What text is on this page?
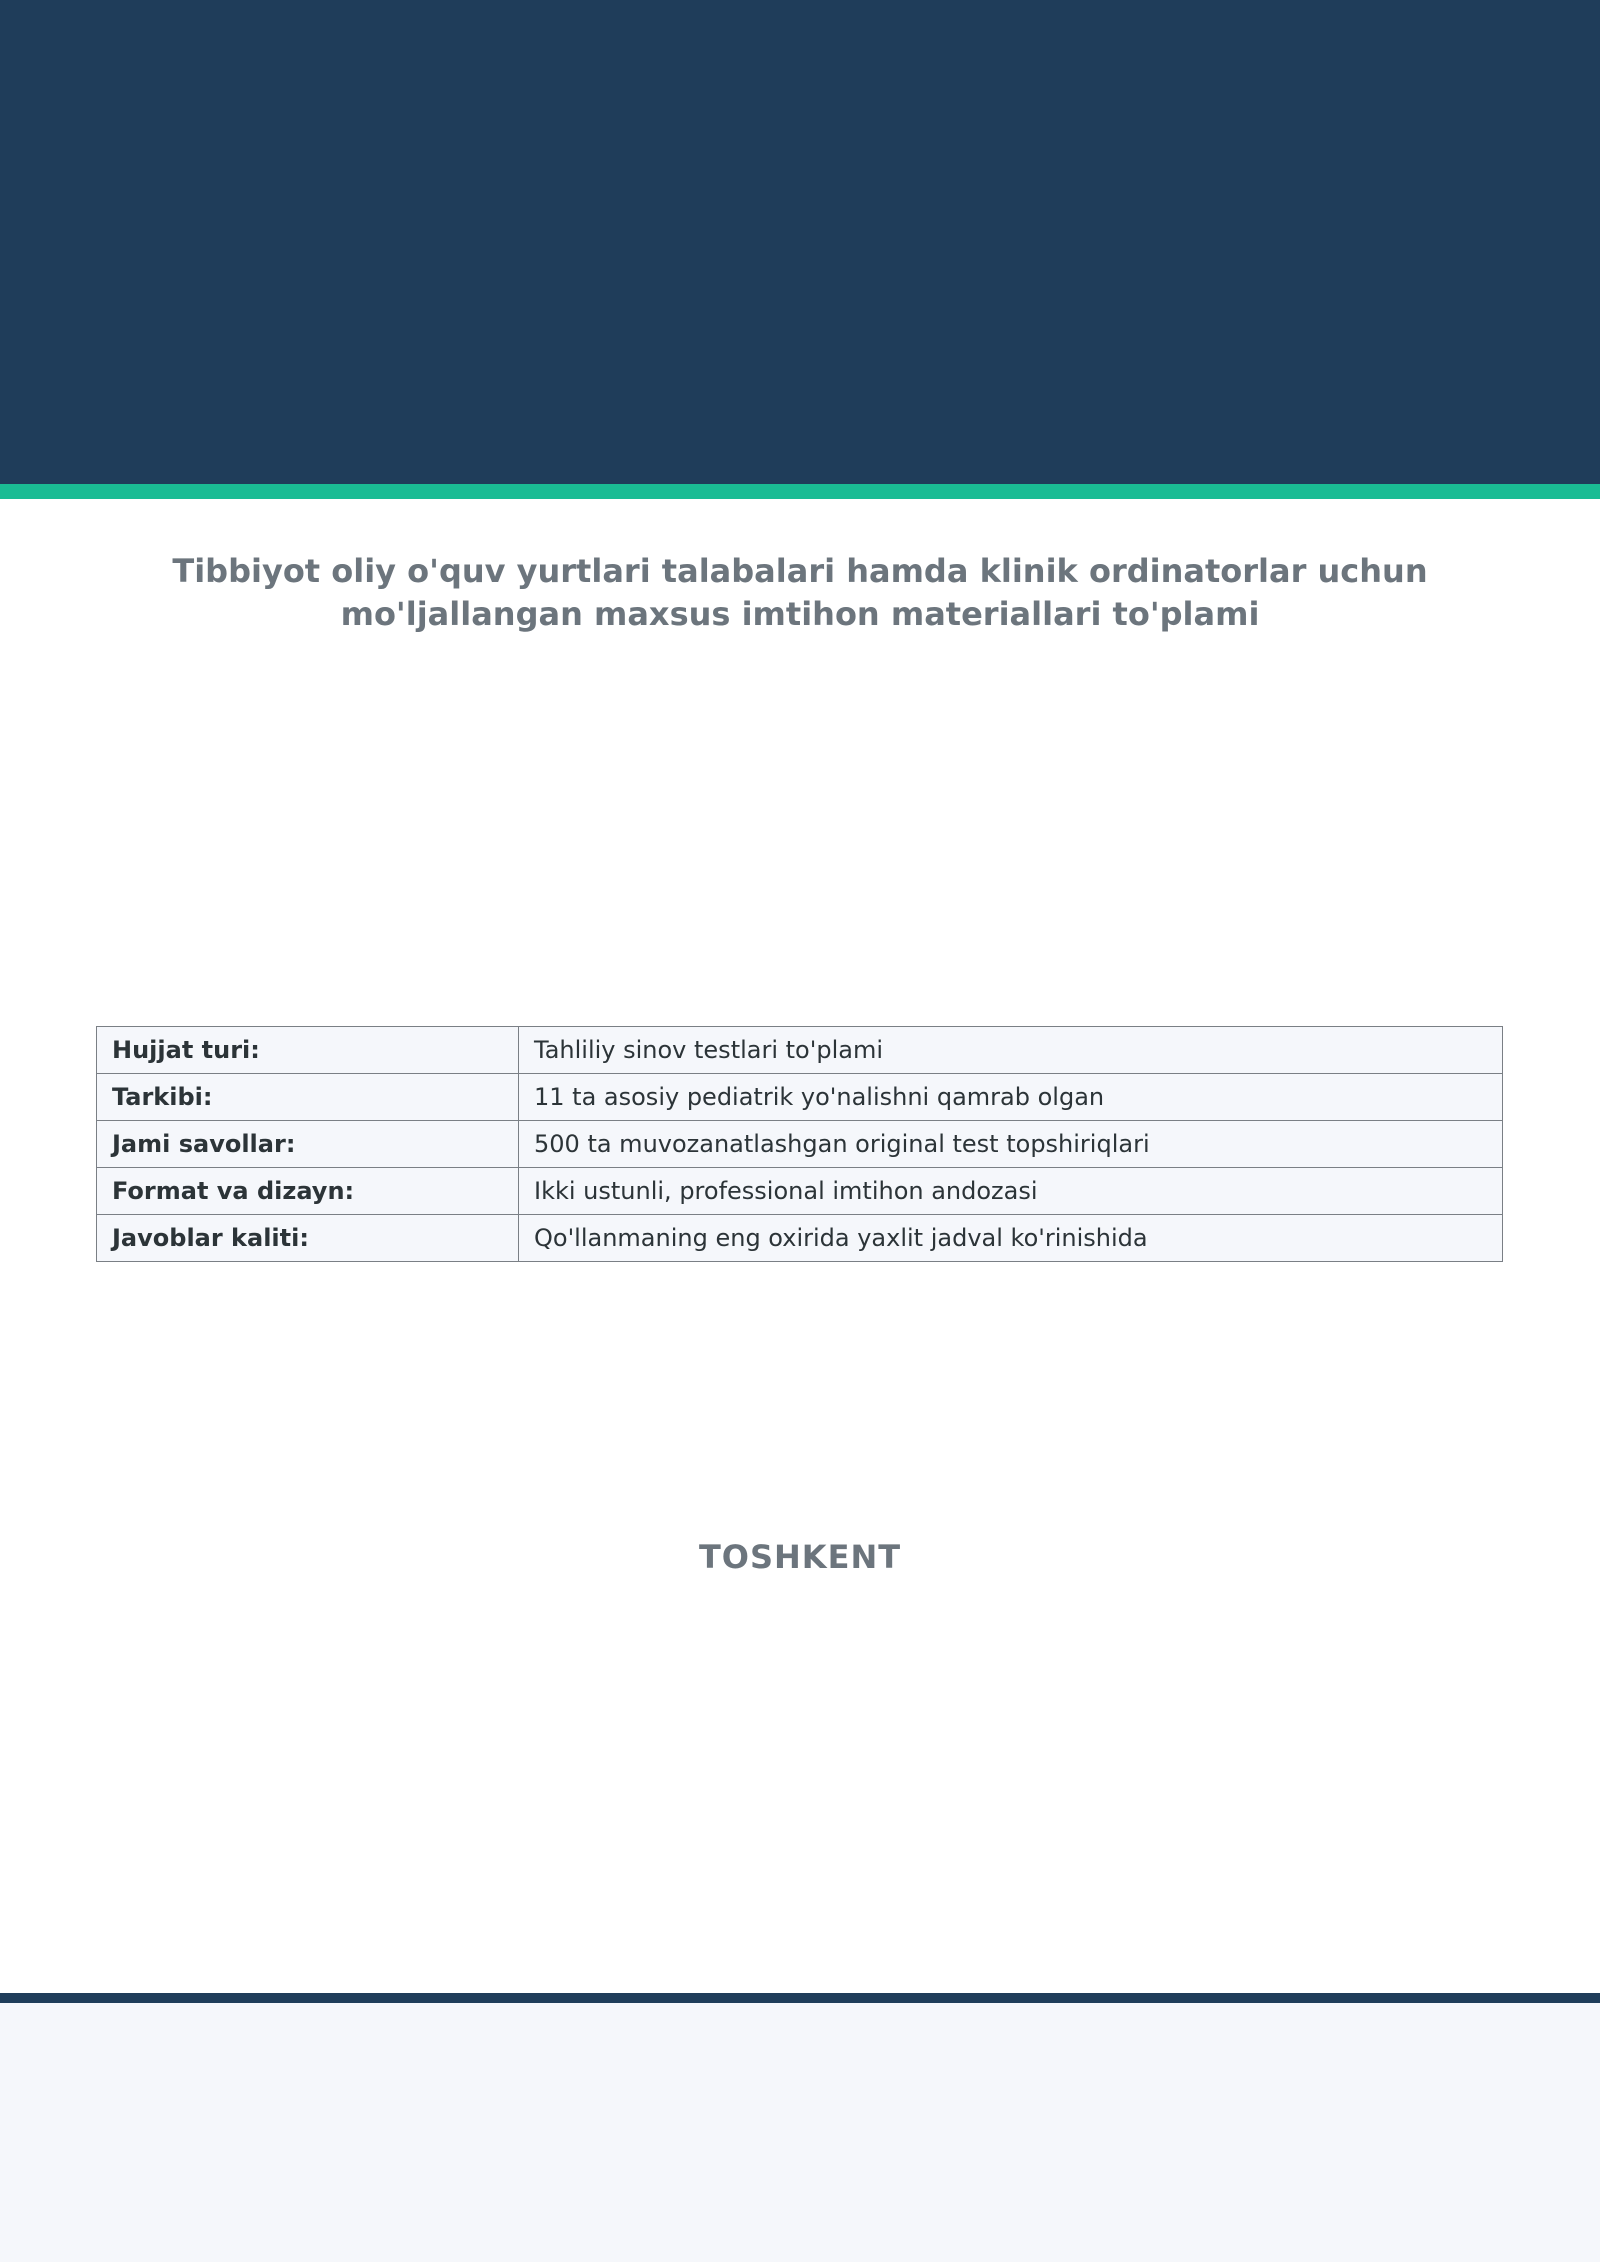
Tibbiyot oliy o'quv yurtlari talabalari hamda klinik ordinatorlar uchun
mo'ljallangan maxsus imtihon materiallari to'plami
Hujjat turi:	Tahliliy sinov testlari to'plami
Tarkibi:	11 ta asosiy pediatrik yo'nalishni qamrab olgan
Jami savollar:	500 ta muvozanatlashgan original test topshiriqlari
Format va dizayn:	Ikki ustunli, professional imtihon andozasi
Javoblar kaliti:	Qo'llanmaning eng oxirida yaxlit jadval ko'rinishida

TOSHKENT
